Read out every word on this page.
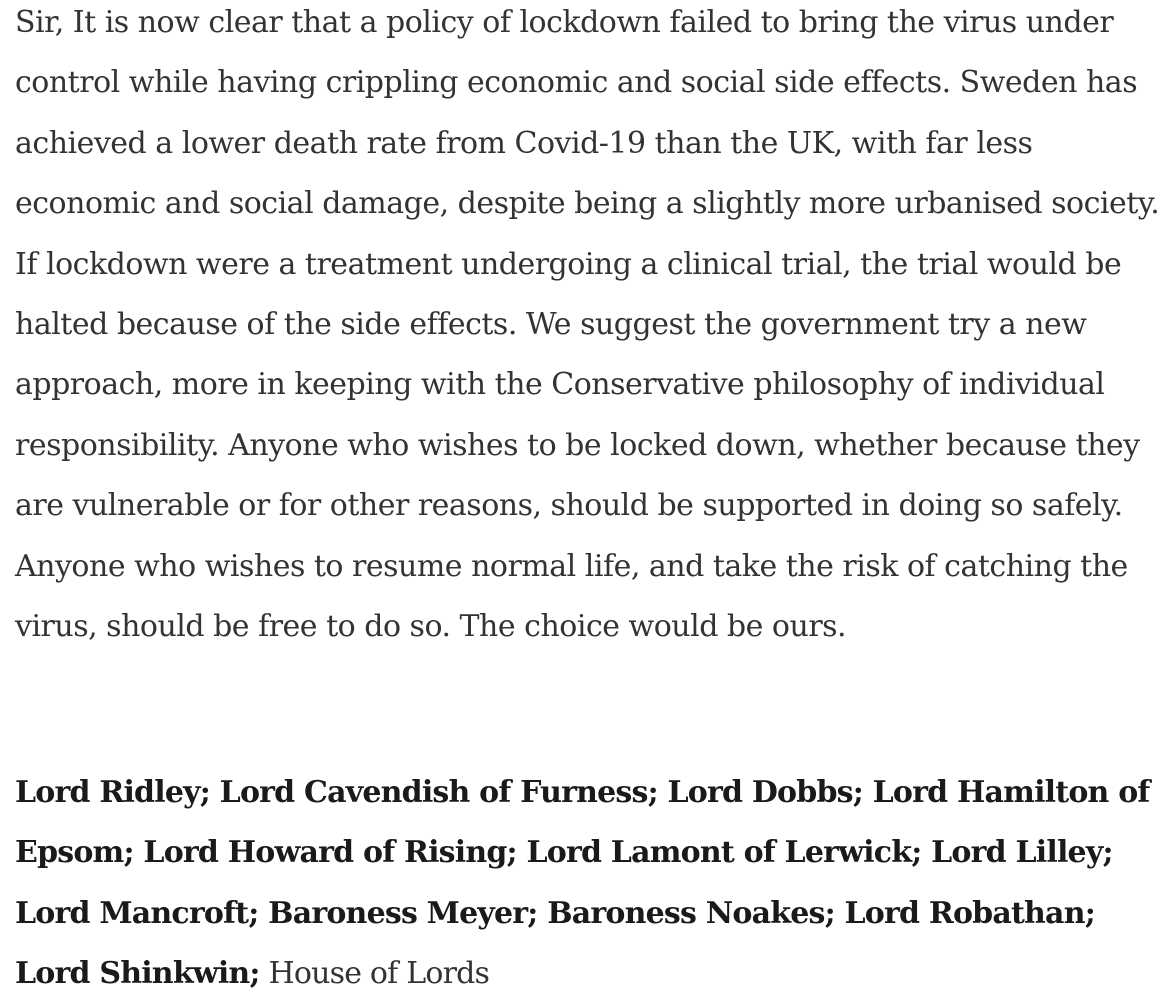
Sir, It is now clear that a policy of lockdown failed to bring the virus under control while having crippling economic and social side effects. Sweden has achieved a lower death rate from Covid-19 than the UK, with far less economic and social damage, despite being a slightly more urbanised society. If lockdown were a treatment undergoing a clinical trial, the trial would be halted because of the side effects. We suggest the government try a new approach, more in keeping with the Conservative philosophy of individual responsibility. Anyone who wishes to be locked down, whether because they are vulnerable or for other reasons, should be supported in doing so safely. Anyone who wishes to resume normal life, and take the risk of catching the virus, should be free to do so. The choice would be ours.

Lord Ridley; Lord Cavendish of Furness; Lord Dobbs; Lord Hamilton of Epsom; Lord Howard of Rising; Lord Lamont of Lerwick; Lord Lilley; Lord Mancroft; Baroness Meyer; Baroness Noakes; Lord Robathan; Lord Shinkwin; House of Lords
